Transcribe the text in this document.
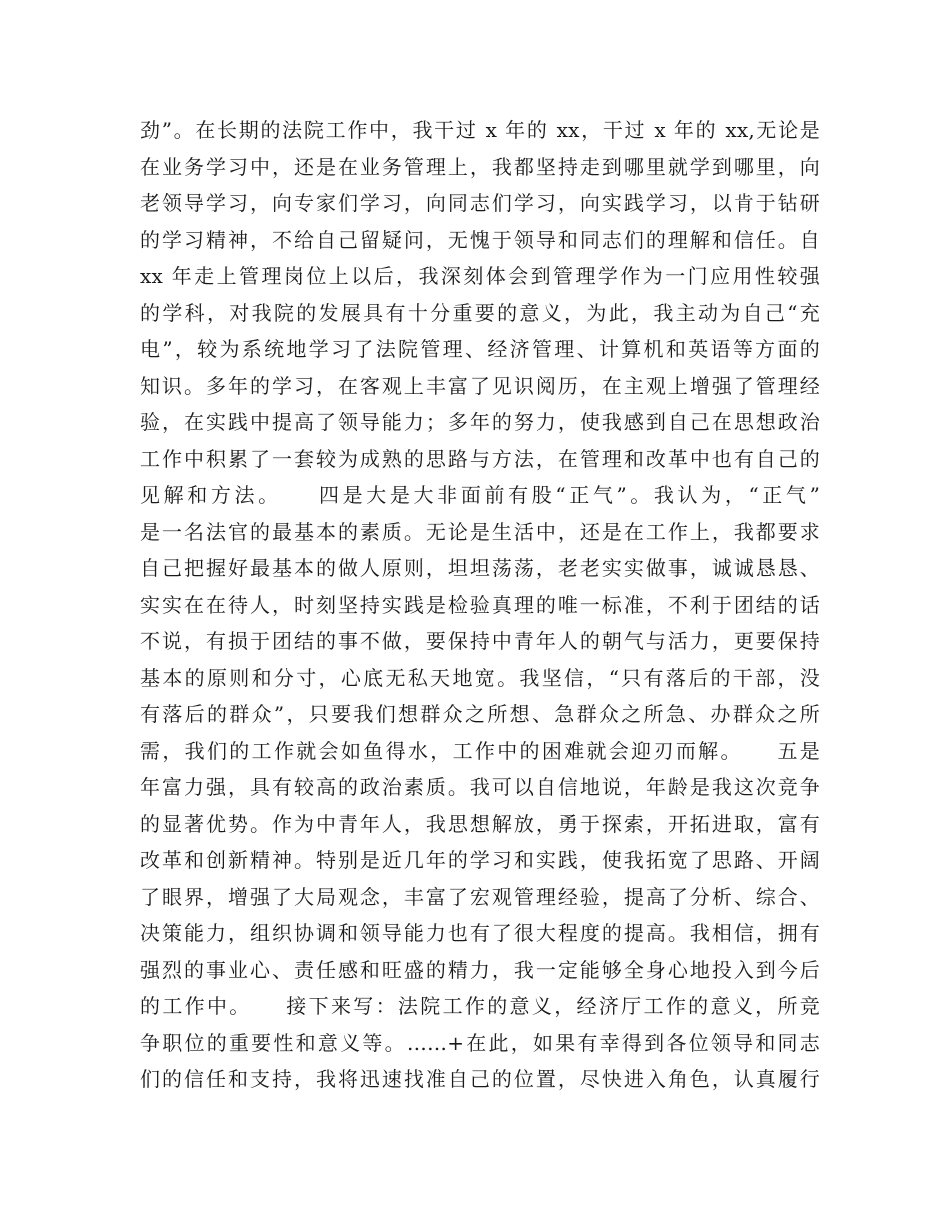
劲”。在长期的法院工作中，我干过 x 年的 xx，干过 x 年的 xx,无论是
在业务学习中，还是在业务管理上，我都坚持走到哪里就学到哪里，向
老领导学习，向专家们学习，向同志们学习，向实践学习，以肯于钻研
的学习精神，不给自己留疑问，无愧于领导和同志们的理解和信任。自
xx 年走上管理岗位上以后，我深刻体会到管理学作为一门应用性较强
的学科，对我院的发展具有十分重要的意义，为此，我主动为自己“充
电”，较为系统地学习了法院管理、经济管理、计算机和英语等方面的
知识。多年的学习，在客观上丰富了见识阅历，在主观上增强了管理经
验，在实践中提高了领导能力；多年的努力，使我感到自己在思想政治
工作中积累了一套较为成熟的思路与方法，在管理和改革中也有自己的
见解和方法。　　四是大是大非面前有股“正气”。我认为，“正气”
是一名法官的最基本的素质。无论是生活中，还是在工作上，我都要求
自己把握好最基本的做人原则，坦坦荡荡，老老实实做事，诚诚恳恳、
实实在在待人，时刻坚持实践是检验真理的唯一标准，不利于团结的话
不说，有损于团结的事不做，要保持中青年人的朝气与活力，更要保持
基本的原则和分寸，心底无私天地宽。我坚信，“只有落后的干部，没
有落后的群众”，只要我们想群众之所想、急群众之所急、办群众之所
需，我们的工作就会如鱼得水，工作中的困难就会迎刃而解。　　五是
年富力强，具有较高的政治素质。我可以自信地说，年龄是我这次竞争
的显著优势。作为中青年人，我思想解放，勇于探索，开拓进取，富有
改革和创新精神。特别是近几年的学习和实践，使我拓宽了思路、开阔
了眼界，增强了大局观念，丰富了宏观管理经验，提高了分析、综合、
决策能力，组织协调和领导能力也有了很大程度的提高。我相信，拥有
强烈的事业心、责任感和旺盛的精力，我一定能够全身心地投入到今后
的工作中。　　接下来写：法院工作的意义，经济厅工作的意义，所竞
争职位的重要性和意义等。……+在此，如果有幸得到各位领导和同志
们的信任和支持，我将迅速找准自己的位置，尽快进入角色，认真履行
